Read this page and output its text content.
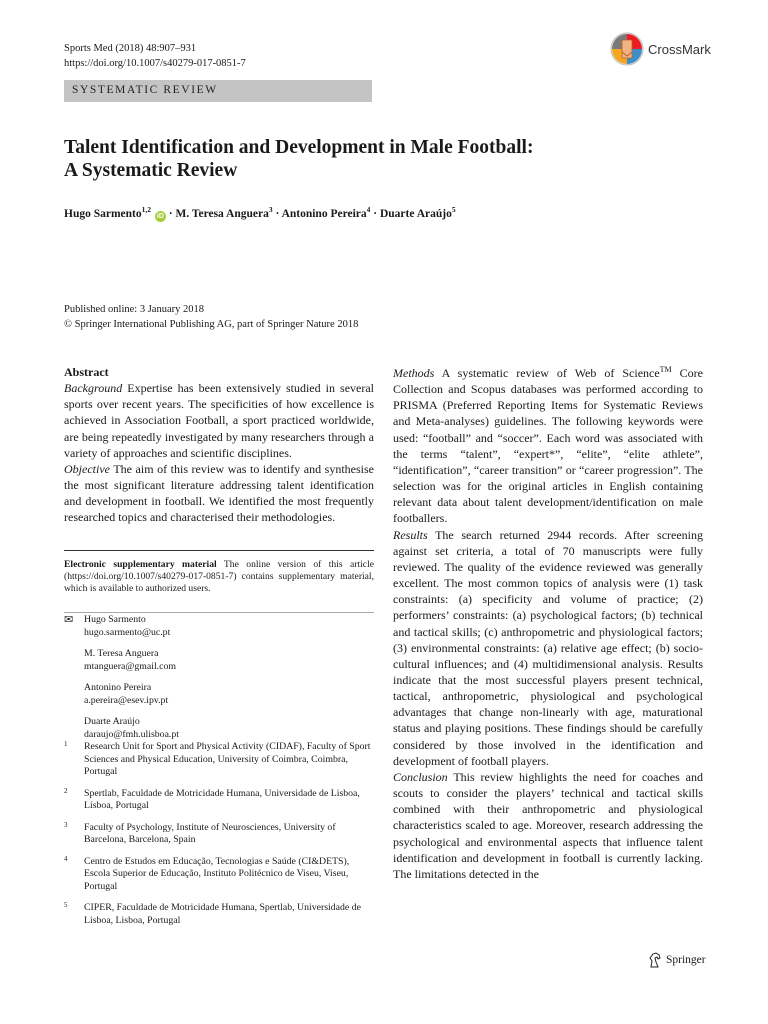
Sports Med (2018) 48:907–931
https://doi.org/10.1007/s40279-017-0851-7
CrossMark
SYSTEMATIC REVIEW
Talent Identification and Development in Male Football:
A Systematic Review
Hugo Sarmento$^{1,2}$ iD · M. Teresa Anguera$^3$ · Antonino Pereira$^4$ · Duarte Araújo$^5$
Published online: 3 January 2018
© Springer International Publishing AG, part of Springer Nature 2018

Abstract

Background Expertise has been extensively studied in several sports over recent years. The specificities of how excellence is achieved in Association Football, a sport practiced worldwide, are being repeatedly investigated by many researchers through a variety of approaches and scientific disciplines.

Objective The aim of this review was to identify and synthesise the most significant literature addressing talent identification and development in football. We identified the most frequently researched topics and characterised their methodologies.

Electronic supplementary material The online version of this article (https://doi.org/10.1007/s40279-017-0851-7) contains supplementary material, which is available to authorized users.
✉ Hugo Sarmento
hugo.sarmento@uc.pt
M. Teresa Anguera
mtanguera@gmail.com
Antonino Pereira
a.pereira@esev.ipv.pt
Duarte Araújo
daraujo@fmh.ulisboa.pt
1 Research Unit for Sport and Physical Activity (CIDAF), Faculty of Sport Sciences and Physical Education, University of Coimbra, Coimbra, Portugal
2 Spertlab, Faculdade de Motricidade Humana, Universidade de Lisboa, Lisboa, Portugal
3 Faculty of Psychology, Institute of Neurosciences, University of Barcelona, Barcelona, Spain
4 Centro de Estudos em Educação, Tecnologias e Saúde (CI&DETS), Escola Superior de Educação, Instituto Politécnico de Viseu, Viseu, Portugal
5 CIPER, Faculdade de Motricidade Humana, Spertlab, Universidade de Lisboa, Lisboa, Portugal

Methods A systematic review of Web of Science™ Core Collection and Scopus databases was performed according to PRISMA (Preferred Reporting Items for Systematic Reviews and Meta-analyses) guidelines. The following keywords were used: “football” and “soccer”. Each word was associated with the terms “talent”, “expert*”, “elite”, “elite athlete”, “identification”, “career transition” or “career progression”. The selection was for the original articles in English containing relevant data about talent development/identification on male footballers.

Results The search returned 2944 records. After screening against set criteria, a total of 70 manuscripts were fully reviewed. The quality of the evidence reviewed was generally excellent. The most common topics of analysis were (1) task constraints: (a) specificity and volume of practice; (2) performers’ constraints: (a) psychological factors; (b) technical and tactical skills; (c) anthropometric and physiological factors; (3) environmental constraints: (a) relative age effect; (b) socio-cultural influences; and (4) multidimensional analysis. Results indicate that the most successful players present technical, tactical, anthropometric, physiological and psychological advantages that change non-linearly with age, maturational status and playing positions. These findings should be carefully considered by those involved in the identification and development of football players.

Conclusion This review highlights the need for coaches and scouts to consider the players’ technical and tactical skills combined with their anthropometric and physiological characteristics scaled to age. Moreover, research addressing the psychological and environmental aspects that influence talent identification and development in football is currently lacking. The limitations detected in the

Springer
